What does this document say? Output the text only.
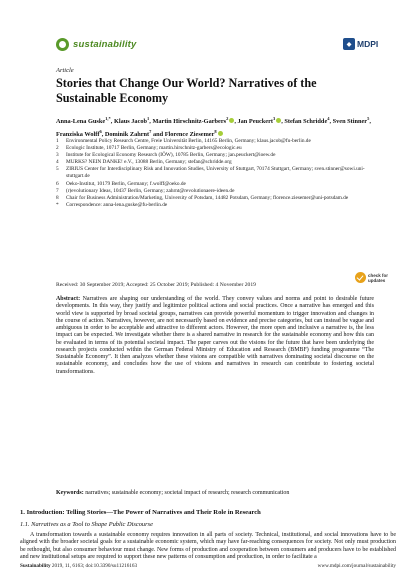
sustainability	◆ MDPI
Article
Stories that Change Our World? Narratives of the Sustainable Economy
Anna-Lena Guske$^{1,*}$, Klaus Jacob$^1$, Martin Hirschnitz-Garbers$^2$ , Jan Peuckert$^3$ , Stefan Schridde$^4$, Sven Stinner$^5$, Franziska Wolff$^6$, Dominik Zahrnt$^7$ and Florence Ziesemer$^8$
1	Environmental Policy Research Centre, Freie Universität Berlin, 14165 Berlin, Germany; klaus.jacob@fu-berlin.de
2	Ecologic Institute, 10717 Berlin, Germany; martin.hirschnitz-garbers@ecologic.eu
3	Institute for Ecological Economy Research (IÖW), 10785 Berlin, Germany; jan.peuckert@ioew.de
4	MURKS? NEIN DANKE! e.V., 13088 Berlin, Germany; stefan@schridde.org
5	ZIRIUS Center for Interdisciplinary Risk and Innovation Studies, University of Stuttgart, 70174 Stuttgart, Germany; sven.stinner@sowi.uni-stuttgart.de
6	Oeko-Institut, 10179 Berlin, Germany; f.wolff@oeko.de
7	(r)evolutionary Ideas, 10437 Berlin, Germany; zahrnt@revolutionaere-ideen.de
8	Chair for Business Administration/Marketing, University of Potsdam, 14482 Potsdam, Germany; florence.ziesemer@uni-potsdam.de
*	Correspondence: anna-lena.guske@fu-berlin.de
check for
updates
Received: 30 September 2019; Accepted: 25 October 2019; Published: 4 November 2019
Abstract: Narratives are shaping our understanding of the world. They convey values and norms and point to desirable future developments. In this way, they justify and legitimize political actions and social practices. Once a narrative has emerged and this world view is supported by broad societal groups, narratives can provide powerful momentum to trigger innovation and changes in the course of action. Narratives, however, are not necessarily based on evidence and precise categories, but can instead be vague and ambiguous in order to be acceptable and attractive to different actors. However, the more open and inclusive a narrative is, the less impact can be expected. We investigate whether there is a shared narrative in research for the sustainable economy and how this can be evaluated in terms of its potential societal impact. The paper carves out the visions for the future that have been underlying the research projects conducted within the German Federal Ministry of Education and Research (BMBF) funding programme “The Sustainable Economy”. It then analyzes whether these visions are compatible with narratives dominating societal discourse on the sustainable economy, and concludes how the use of visions and narratives in research can contribute to fostering societal transformations.
Keywords: narratives; sustainable economy; societal impact of research; research communication
1. Introduction: Telling Stories—The Power of Narratives and Their Role in Research
1.1. Narratives as a Tool to Shape Public Discourse
A transformation towards a sustainable economy requires innovation in all parts of society. Technical, institutional, and social innovations have to be aligned with the broader societal goals for a sustainable economic system, which may have far-reaching consequences for society. Not only must production be rethought, but also consumer behaviour must change. New forms of production and cooperation between consumers and producers have to be established and new institutional setups are required to support these new patterns of consumption and production, in order to facilitate a
Sustainability 2019, 11, 6163; doi:10.3390/su11216163	www.mdpi.com/journal/sustainability
